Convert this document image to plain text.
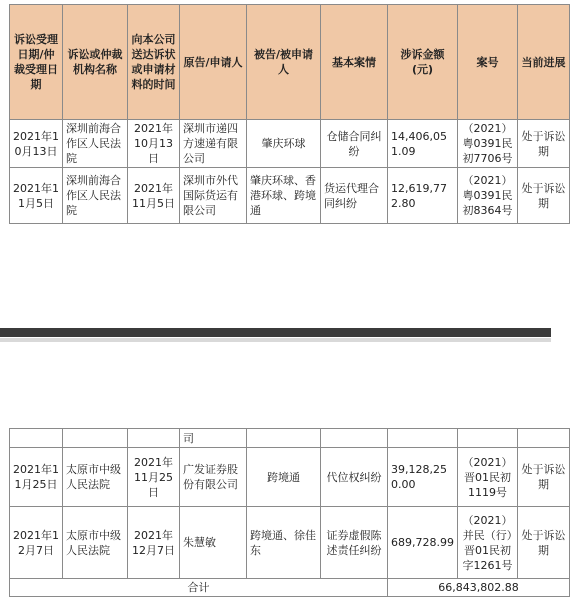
诉讼受理日期/仲裁受理日期	诉讼或仲裁机构名称	向本公司送达诉状或申请材料的时间	原告/申请人	被告/被申请人	基本案情	涉诉金额(元)	案号	当前进展
2021年10月13日	深圳前海合作区人民法院	2021年10月13日	深圳市递四方速递有限公司	肇庆环球	仓储合同纠纷	14,406,051.09	（2021）粤0391民初7706号	处于诉讼期
2021年11月5日	深圳前海合作区人民法院	2021年11月5日	深圳市外代国际货运有限公司	肇庆环球、香港环球、跨境通	货运代理合同纠纷	12,619,772.80	（2021）粤0391民初8364号	处于诉讼期
			司					
2021年11月25日	太原市中级人民法院	2021年11月25日	广发证券股份有限公司	跨境通	代位权纠纷	39,128,250.00	（2021）晋01民初1119号	处于诉讼期
2021年12月7日	太原市中级人民法院	2021年12月7日	朱慧敏	跨境通、徐佳东	证券虚假陈述责任纠纷	689,728.99	（2021）并民（行）晋01民初字1261号	处于诉讼期
合计						66,843,802.88		
